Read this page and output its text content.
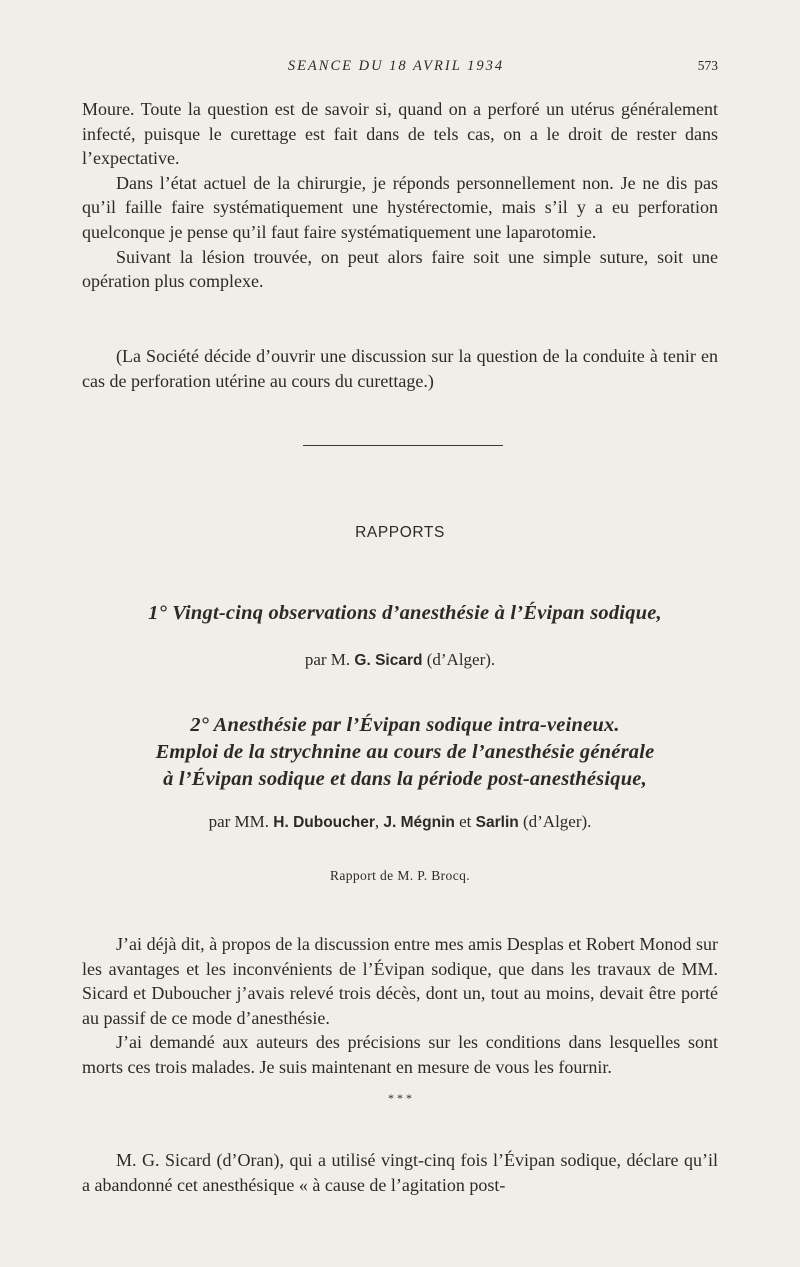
SEANCE DU 18 AVRIL 1934	573

Moure. Toute la question est de savoir si, quand on a perforé un utérus généralement infecté, puisque le curettage est fait dans de tels cas, on a le droit de rester dans l’expectative.

Dans l’état actuel de la chirurgie, je réponds personnellement non. Je ne dis pas qu’il faille faire systématiquement une hystérectomie, mais s’il y a eu perforation quelconque je pense qu’il faut faire systématiquement une laparotomie.

Suivant la lésion trouvée, on peut alors faire soit une simple suture, soit une opération plus complexe.

(La Société décide d’ouvrir une discussion sur la question de la conduite à tenir en cas de perforation utérine au cours du curettage.)

RAPPORTS
1° Vingt-cinq observations d’anesthésie à l’Évipan sodique,
par M. G. Sicard (d’Alger).
2° Anesthésie par l’Évipan sodique intra-veineux.
Emploi de la strychnine au cours de l’anesthésie générale
à l’Évipan sodique et dans la période post-anesthésique,
par MM. H. Duboucher, J. Mégnin et Sarlin (d’Alger).
Rapport de M. P. Brocq.

J’ai déjà dit, à propos de la discussion entre mes amis Desplas et Robert Monod sur les avantages et les inconvénients de l’Évipan sodique, que dans les travaux de MM. Sicard et Duboucher j’avais relevé trois décès, dont un, tout au moins, devait être porté au passif de ce mode d’anesthésie.

J’ai demandé aux auteurs des précisions sur les conditions dans lesquelles sont morts ces trois malades. Je suis maintenant en mesure de vous les fournir.

* * *

M. G. Sicard (d’Oran), qui a utilisé vingt-cinq fois l’Évipan sodique, déclare qu’il a abandonné cet anesthésique « à cause de l’agitation post-
